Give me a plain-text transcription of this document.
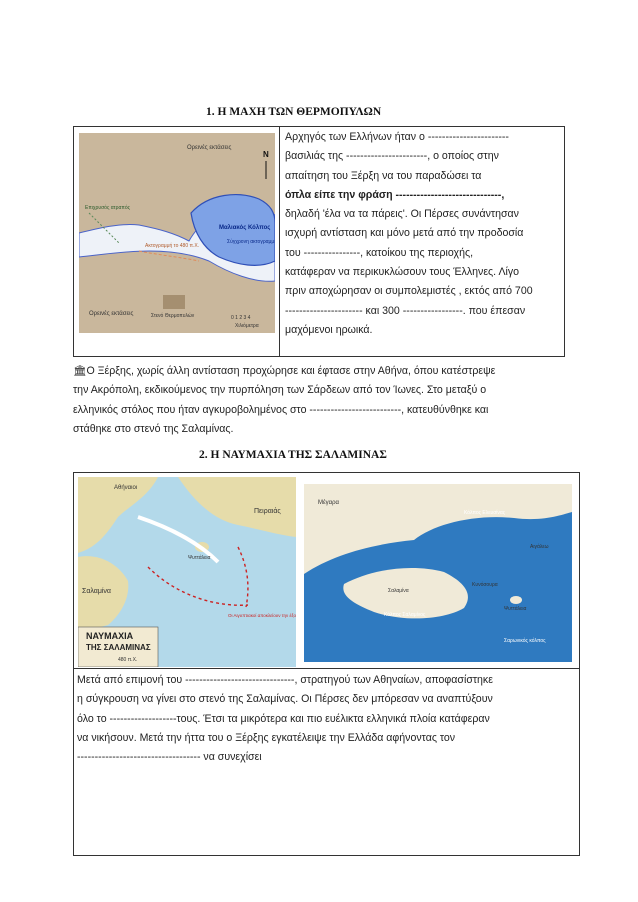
1. Η ΜΑΧΗ ΤΩΝ ΘΕΡΜΟΠΥΛΩΝ
Ορεινές εκτάσεις
Ορεινές εκτάσεις
Μαλιακός Κόλπος
Σύγχρονη ακτογραμμή
Επιχρυσός ατραπός
Στενό Θερμοπυλών
Ακτογραμμή το 480 π.Χ.
N
0 1 2 3 4
Χιλιόμετρα
Αρχηγός των Ελλήνων ήταν ο -----------------------
βασιλιάς της -----------------------, ο οποίος στην
απαίτηση του Ξέρξη να του παραδώσει τα
όπλα είπε την φράση ------------------------------,
δηλαδή 'έλα να τα πάρεις'. Οι Πέρσες συνάντησαν
ισχυρή αντίσταση και μόνο μετά από την προδοσία
του ----------------, κατοίκου της περιοχής,
κατάφεραν να περικυκλώσουν τους Έλληνες. Λίγο
πριν αποχώρησαν οι συμπολεμιστές , εκτός από 700
---------------------- και 300 -----------------. που έπεσαν
μαχόμενοι ηρωικά.
🏛Ο Ξέρξης, χωρίς άλλη αντίσταση προχώρησε και έφτασε στην Αθήνα, όπου κατέστρεψε
την Ακρόπολη, εκδικούμενος την πυρπόληση των Σάρδεων από τον Ίωνες. Στο μεταξύ ο
ελληνικός στόλος που ήταν αγκυροβολημένος στο --------------------------, κατευθύνθηκε και
στάθηκε στο στενό της Σαλαμίνας.
2. Η ΝΑΥΜΑΧΙΑ ΤΗΣ ΣΑΛΑΜΙΝΑΣ
Αθήναιοι
Πειραιάς
Σαλαμίνα
Ψυττάλεια
ΝΑΥΜΑΧΙΑ
ΤΗΣ ΣΑΛΑΜΙΝΑΣ
480 π.Χ.
Οι Αιγυπτιακοί αποκλείουν την έξοδο
Μέγαρα
Κόλπος Ελευσίνας
Αιγάλεω
Σαλαμίνα
Κυνόσουρα
Ψυττάλεια
Κόλπος Σαλαμίνος
Σαρωνικός κόλπος
Μετά από επιμονή του -------------------------------, στρατηγού των Αθηναίων, αποφασίστηκε
η σύγκρουση να γίνει στο στενό της Σαλαμίνας. Οι Πέρσες δεν μπόρεσαν να αναπτύξουν
όλο το -------------------τους. Έτσι τα μικρότερα και πιο ευέλικτα ελληνικά πλοία κατάφεραν
να νικήσουν. Μετά την ήττα του ο Ξέρξης εγκατέλειψε την Ελλάδα αφήνοντας τον
----------------------------------- να συνεχίσει
